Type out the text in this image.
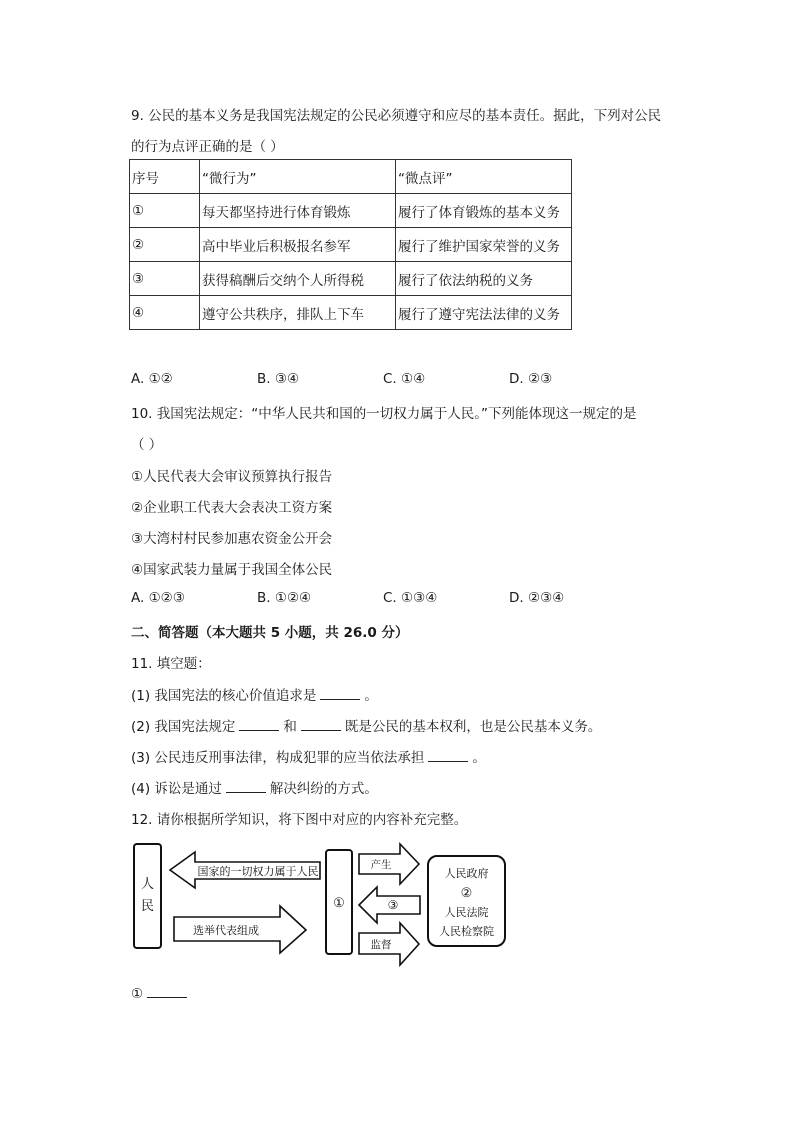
9. 公民的基本义务是我国宪法规定的公民必须遵守和应尽的基本责任。据此，下列对公民
的行为点评正确的是（ ）
序号	“微行为”	“微点评”
①	每天都坚持进行体育锻炼	履行了体育锻炼的基本义务
②	高中毕业后积极报名参军	履行了维护国家荣誉的义务
③	获得稿酬后交纳个人所得税	履行了依法纳税的义务
④	遵守公共秩序，排队上下车	履行了遵守宪法法律的义务
A. ①②	B. ③④	C. ①④	D. ②③
10. 我国宪法规定：“中华人民共和国的一切权力属于人民。”下列能体现这一规定的是
（ ）
①人民代表大会审议预算执行报告
②企业职工代表大会表决工资方案
③大湾村村民参加惠农资金公开会
④国家武装力量属于我国全体公民
A. ①②③	B. ①②④	C. ①③④	D. ②③④
二、简答题（本大题共 5 小题，共 26.0 分）
11. 填空题：
(1) 我国宪法的核心价值追求是	。
(2) 我国宪法规定	和	既是公民的基本权利，也是公民基本义务。
(3) 公民违反刑事法律，构成犯罪的应当依法承担	。
(4) 诉讼是通过	解决纠纷的方式。
12. 请你根据所学知识，将下图中对应的内容补充完整。
人
民
国家的一切权力属于人民
选举代表组成
①
产生
③
监督
人民政府
②
人民法院
人民检察院
①
